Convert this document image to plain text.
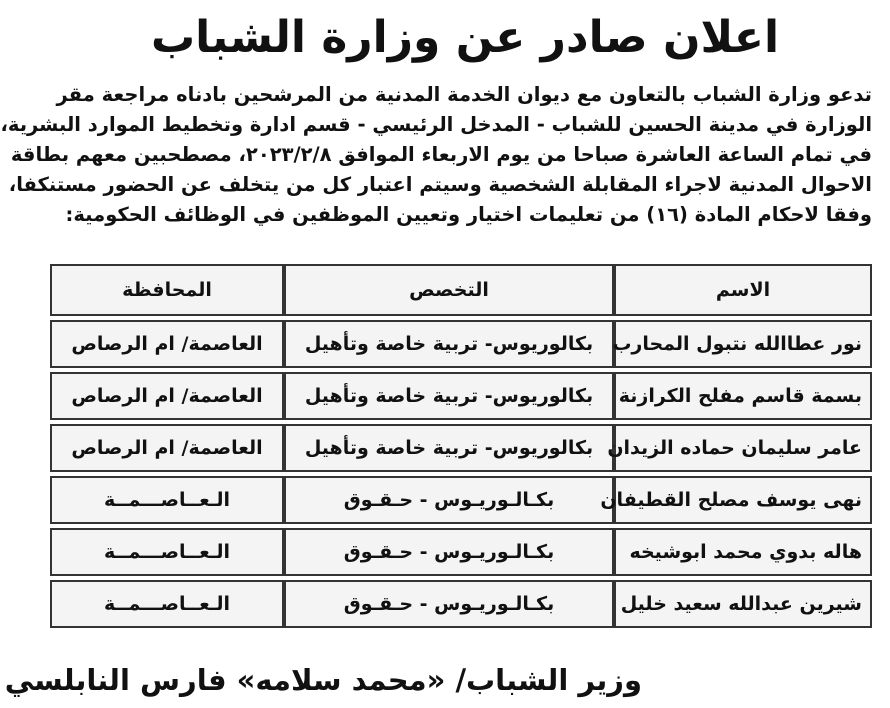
اعلان صادر عن وزارة الشباب
تدعو وزارة الشباب بالتعاون مع ديوان الخدمة المدنية من المرشحين بادناه مراجعة مقر
الوزارة في مدينة الحسين للشباب - المدخل الرئيسي - قسم ادارة وتخطيط الموارد البشرية،
في تمام الساعة العاشرة صباحا من يوم الاربعاء الموافق ٢٠٢٣/٢/٨، مصطحبين معهم بطاقة
الاحوال المدنية لاجراء المقابلة الشخصية وسيتم اعتبار كل من يتخلف عن الحضور مستنكفا،
وفقا لاحكام المادة (١٦) من تعليمات اختيار وتعيين الموظفين في الوظائف الحكومية:
الاسم	التخصص	المحافظة
نور عطاالله نتبول المحارب	بكالوريوس- تربية خاصة وتأهيل	العاصمة/ ام الرصاص
بسمة قاسم مفلح الكرازنة	بكالوريوس- تربية خاصة وتأهيل	العاصمة/ ام الرصاص
عامر سليمان حماده الزيدان	بكالوريوس- تربية خاصة وتأهيل	العاصمة/ ام الرصاص
نهى يوسف مصلح القطيفان	بكـالـوريـوس - حـقـوق	الـعــاصـــمــة
هاله بدوي محمد ابوشيخه	بكـالـوريـوس - حـقـوق	الـعــاصـــمــة
شيرين عبدالله سعيد خليل	بكـالـوريـوس - حـقـوق	الـعــاصـــمــة
وزير الشباب/ «محمد سلامه» فارس النابلسي
